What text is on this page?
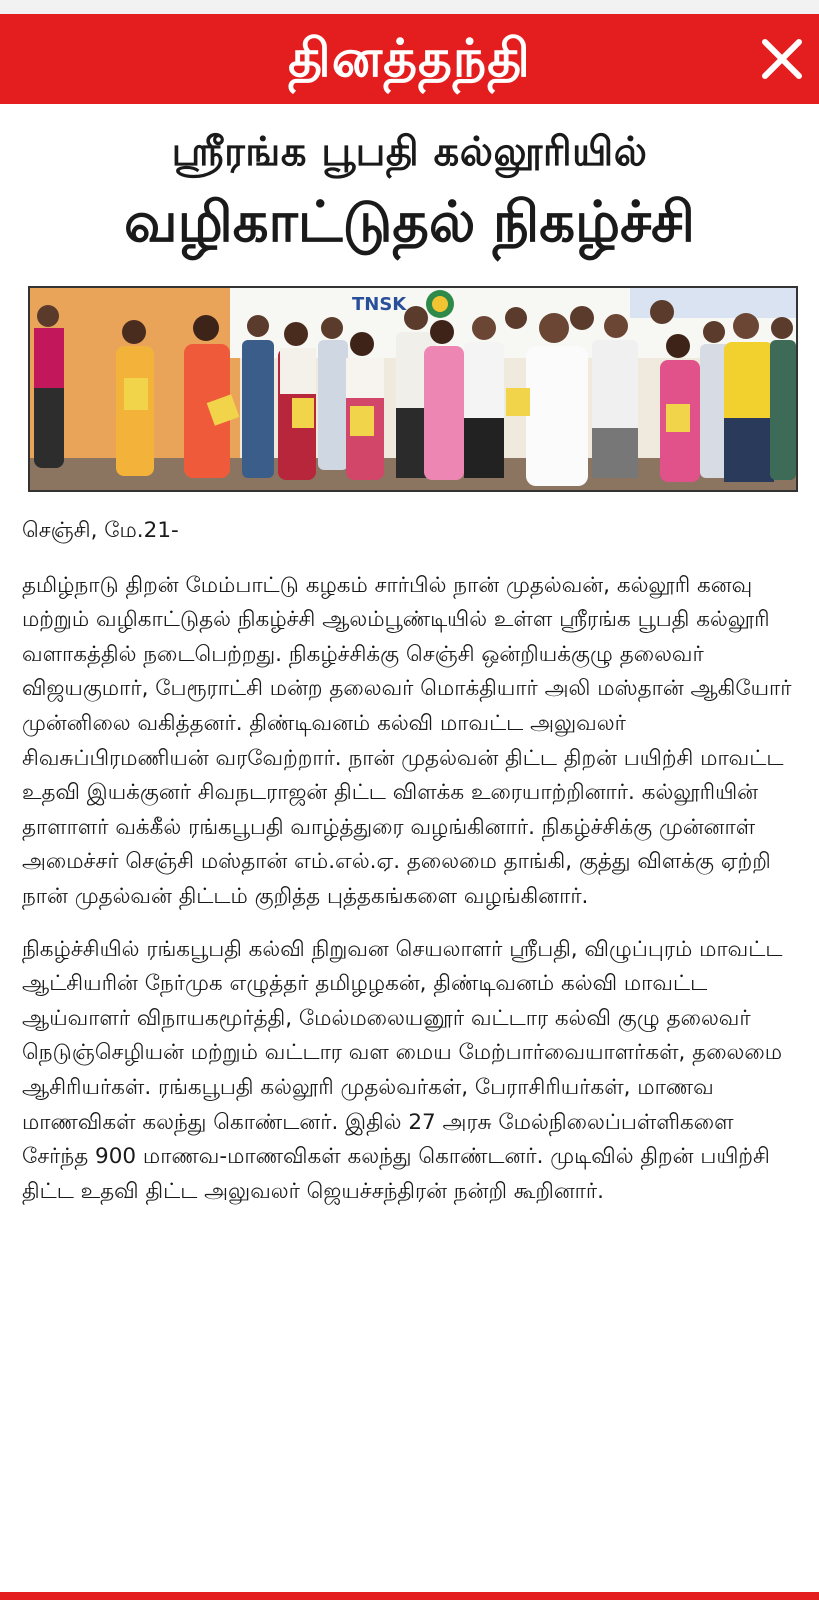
தினத்தந்தி
ஸ்ரீரங்க பூபதி கல்லூரியில்
வழிகாட்டுதல் நிகழ்ச்சி
TNSK

செஞ்சி, மே.21-

தமிழ்நாடு திறன் மேம்பாட்டு கழகம் சார்பில் நான் முதல்வன், கல்லூரி கனவு மற்றும் வழிகாட்டுதல் நிகழ்ச்சி ஆலம்பூண்டியில் உள்ள ஸ்ரீரங்க பூபதி கல்லூரி வளாகத்தில் நடைபெற்றது. நிகழ்ச்சிக்கு செஞ்சி ஒன்றியக்குழு தலைவர் விஜயகுமார், பேரூராட்சி மன்ற தலைவர் மொக்தியார் அலி மஸ்தான் ஆகியோர் முன்னிலை வகித்தனர். திண்டிவனம் கல்வி மாவட்ட அலுவலர் சிவசுப்பிரமணியன் வரவேற்றார். நான் முதல்வன் திட்ட திறன் பயிற்சி மாவட்ட உதவி இயக்குனர் சிவநடராஜன் திட்ட விளக்க உரையாற்றினார். கல்லூரியின் தாளாளர் வக்கீல் ரங்கபூபதி வாழ்த்துரை வழங்கினார். நிகழ்ச்சிக்கு முன்னாள் அமைச்சர் செஞ்சி மஸ்தான் எம்.எல்.ஏ. தலைமை தாங்கி, குத்து விளக்கு ஏற்றி நான் முதல்வன் திட்டம் குறித்த புத்தகங்களை வழங்கினார்.

நிகழ்ச்சியில் ரங்கபூபதி கல்வி நிறுவன செயலாளர் ஸ்ரீபதி, விழுப்புரம் மாவட்ட ஆட்சியரின் நேர்முக எழுத்தர் தமிழழகன், திண்டிவனம் கல்வி மாவட்ட ஆய்வாளர் விநாயகமூர்த்தி, மேல்மலையனூர் வட்டார கல்வி குழு தலைவர் நெடுஞ்செழியன் மற்றும் வட்டார வள மைய மேற்பார்வையாளர்கள், தலைமை ஆசிரியர்கள். ரங்கபூபதி கல்லூரி முதல்வர்கள், பேராசிரியர்கள், மாணவ மாணவிகள் கலந்து கொண்டனர். இதில் 27 அரசு மேல்நிலைப்பள்ளிகளை சேர்ந்த 900 மாணவ-மாணவிகள் கலந்து கொண்டனர். முடிவில் திறன் பயிற்சி திட்ட உதவி திட்ட அலுவலர் ஜெயச்சந்திரன் நன்றி கூறினார்.
